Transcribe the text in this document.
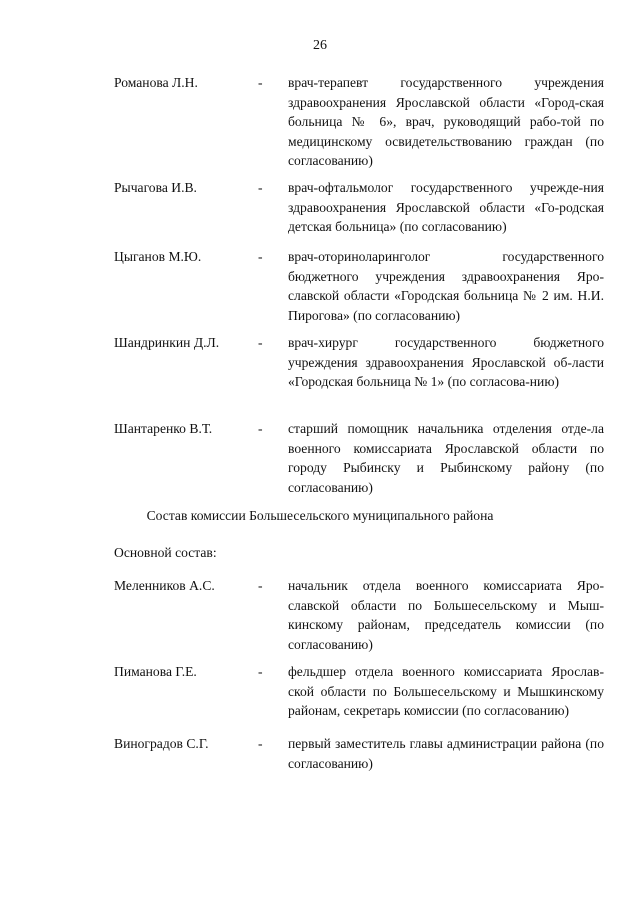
26
Романова Л.Н.	- врач-терапевт государственного учреждения здравоохранения Ярославской области «Город-ская больница № 6», врач, руководящий рабо-той по медицинскому освидетельствованию граждан (по согласованию)
Рычагова И.В.	- врач-офтальмолог государственного учрежде-ния здравоохранения Ярославской области «Го-родская детская больница» (по согласованию)
Цыганов М.Ю.	- врач-оториноларинголог государственного бюджетного учреждения здравоохранения Яро-славской области «Городская больница № 2 им. Н.И. Пирогова» (по согласованию)
Шандринкин Д.Л.	- врач-хирург государственного бюджетного учреждения здравоохранения Ярославской об-ласти «Городская больница № 1» (по согласова-нию)
Шантаренко В.Т.	- старший помощник начальника отделения отде-ла военного комиссариата Ярославской области по городу Рыбинску и Рыбинскому району (по согласованию)
Состав комиссии Большесельского муниципального района
Основной состав:
Меленников А.С.	- начальник отдела военного комиссариата Яро-славской области по Большесельскому и Мыш-кинскому районам, председатель комиссии (по согласованию)
Пиманова Г.Е.	- фельдшер отдела военного комиссариата Ярослав-ской области по Большесельскому и Мышкинскому районам, секретарь комиссии (по согласованию)
Виноградов С.Г.	- первый заместитель главы администрации района (по согласованию)
